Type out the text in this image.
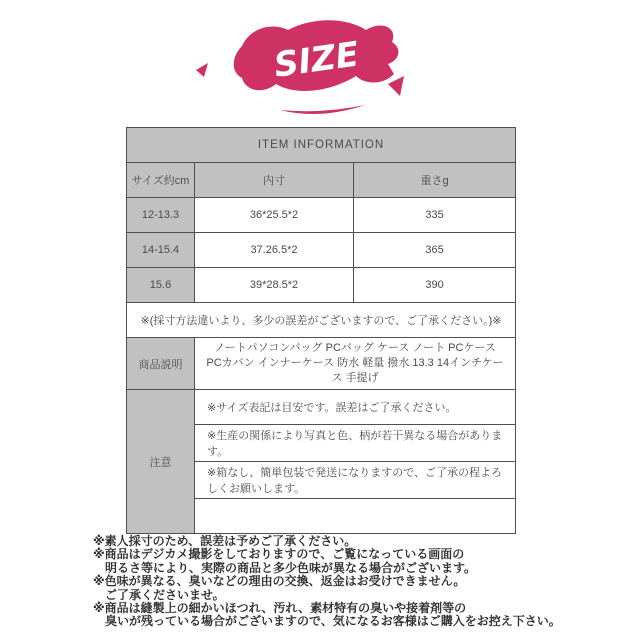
SIZE
ITEM INFORMATION		
サイズ約cm	内寸	重さg
12-13.3	36*25.5*2	335
14-15.4	37.26.5*2	365
15.6	39*28.5*2	390
※(採寸方法違いより、多少の誤差がございますので、ご了承ください。)※		
商品説明	ノートパソコンバッグ PCバッグ ケース ノート PCケース PCカバン インナーケース 防水 軽量 撥水 13.3 14インチケース 手提げ	
注意	※サイズ表記は目安です。誤差はご了承ください。	
	※生産の関係により写真と色、柄が若干異なる場合があります。	
	※箱なし、簡単包装で発送になりますので、ご了承の程よろしくお願いします。	

※素人採寸のため、誤差は予めご了承ください。
※商品はデジカメ撮影をしておりますので、ご覧になっている画面の
　明るさ等により、実際の商品と多少色味が異なる場合がございます。
※色味が異なる、臭いなどの理由の交換、返金はお受けできません。
　ご了承くださいませ。
※商品は縫製上の細かいほつれ、汚れ、素材特有の臭いや接着剤等の
　臭いが残っている場合がございますので、気になるお客様はご購入をお控え下さい。
